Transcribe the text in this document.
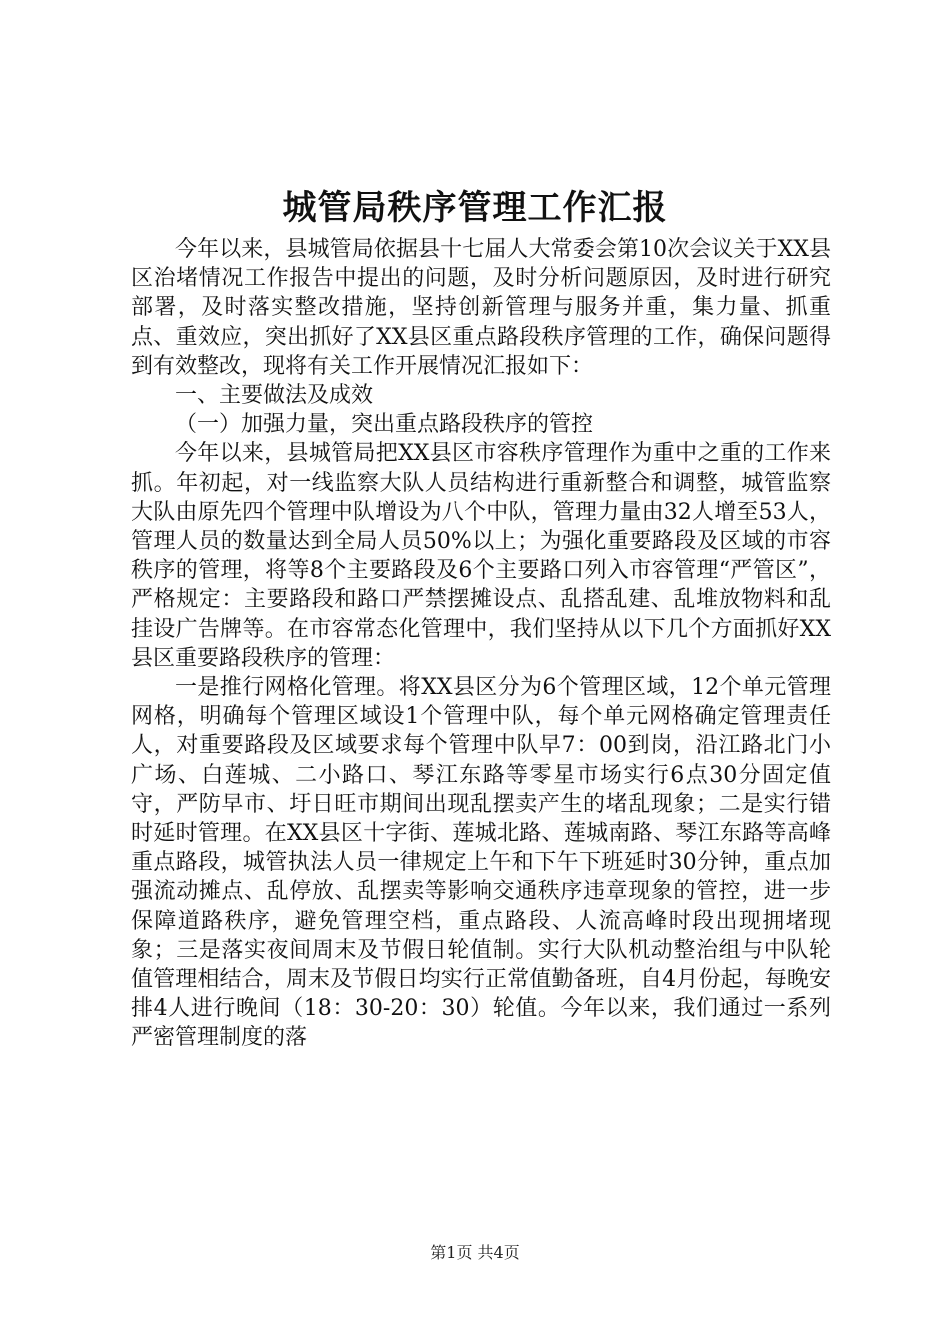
城管局秩序管理工作汇报

今年以来，县城管局依据县十七届人大常委会第10次会议关于XX县区治堵情况工作报告中提出的问题，及时分析问题原因，及时进行研究部署，及时落实整改措施，坚持创新管理与服务并重，集力量、抓重点、重效应，突出抓好了XX县区重点路段秩序管理的工作，确保问题得到有效整改，现将有关工作开展情况汇报如下：

一、主要做法及成效

（一）加强力量，突出重点路段秩序的管控

今年以来，县城管局把XX县区市容秩序管理作为重中之重的工作来抓。年初起，对一线监察大队人员结构进行重新整合和调整，城管监察大队由原先四个管理中队增设为八个中队，管理力量由32人增至53人，管理人员的数量达到全局人员50%以上；为强化重要路段及区域的市容秩序的管理，将等8个主要路段及6个主要路口列入市容管理“严管区”，严格规定：主要路段和路口严禁摆摊设点、乱搭乱建、乱堆放物料和乱挂设广告牌等。在市容常态化管理中，我们坚持从以下几个方面抓好XX县区重要路段秩序的管理：

一是推行网格化管理。将XX县区分为6个管理区域，12个单元管理网格，明确每个管理区域设1个管理中队，每个单元网格确定管理责任人，对重要路段及区域要求每个管理中队早7：00到岗，沿江路北门小广场、白莲城、二小路口、琴江东路等零星市场实行6点30分固定值守，严防早市、圩日旺市期间出现乱摆卖产生的堵乱现象；二是实行错时延时管理。在XX县区十字街、莲城北路、莲城南路、琴江东路等高峰重点路段，城管执法人员一律规定上午和下午下班延时30分钟，重点加强流动摊点、乱停放、乱摆卖等影响交通秩序违章现象的管控，进一步保障道路秩序，避免管理空档，重点路段、人流高峰时段出现拥堵现象；三是落实夜间周末及节假日轮值制。实行大队机动整治组与中队轮值管理相结合，周末及节假日均实行正常值勤备班，自4月份起，每晚安排4人进行晚间（18：30-20：30）轮值。今年以来，我们通过一系列严密管理制度的落

第1页 共4页
